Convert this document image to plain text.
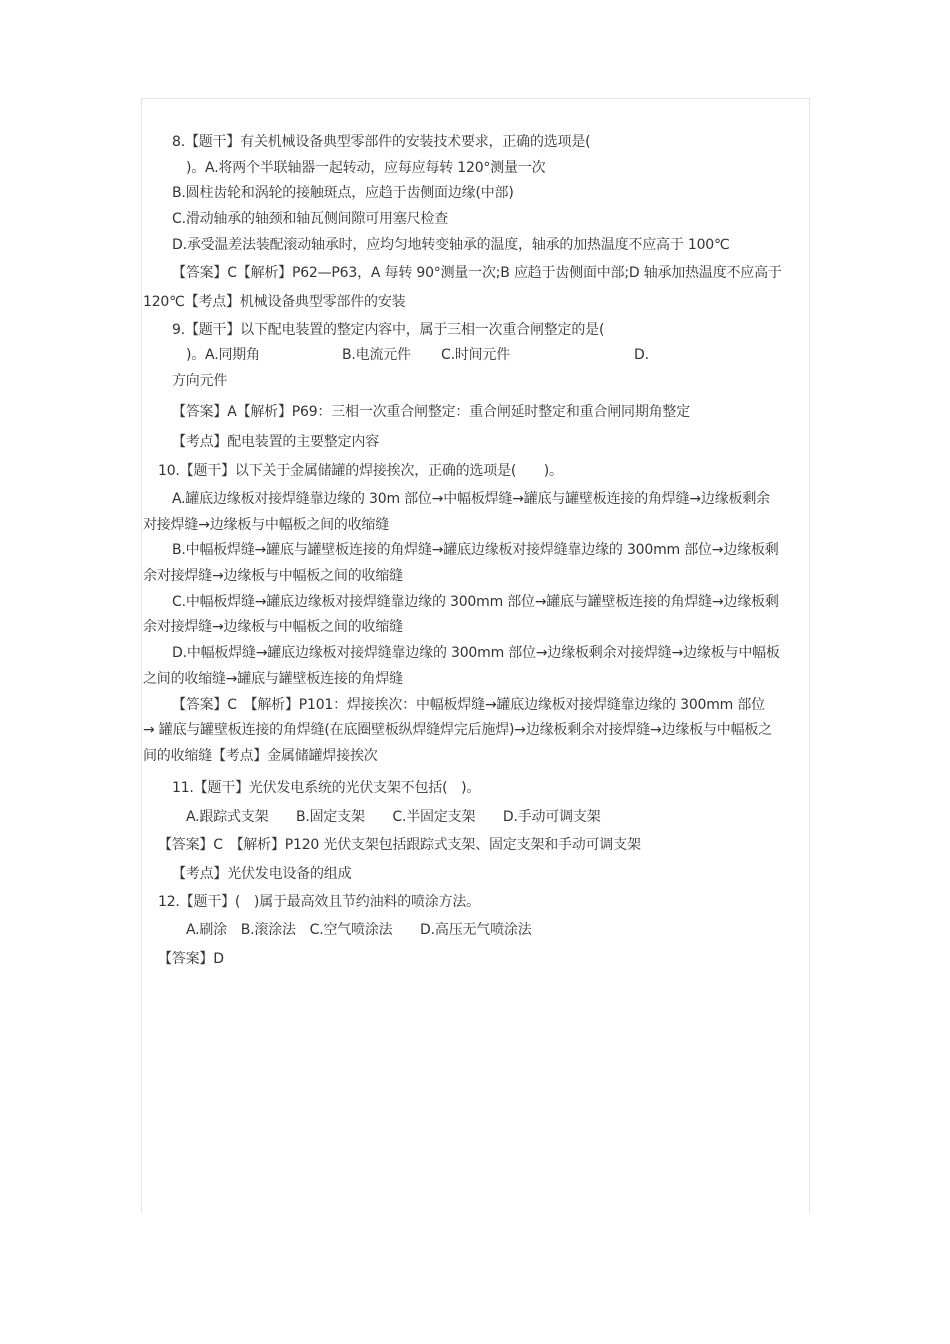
8.【题干】有关机械设备典型零部件的安装技术要求，正确的选项是(
)。A.将两个半联轴器一起转动，应每应每转 120°测量一次
B.圆柱齿轮和涡轮的接触斑点，应趋于齿侧面边缘(中部)
C.滑动轴承的轴颈和轴瓦侧间隙可用塞尺检查
D.承受温差法装配滚动轴承时，应均匀地转变轴承的温度，轴承的加热温度不应高于 100℃
【答案】C【解析】P62—P63，A 每转 90°测量一次;B 应趋于齿侧面中部;D 轴承加热温度不应高于
120℃【考点】机械设备典型零部件的安装
9.【题干】以下配电装置的整定内容中，属于三相一次重合闸整定的是(
)。A.同期角	B.电流元件 C.时间元件	D.
方向元件
【答案】A【解析】P69：三相一次重合闸整定：重合闸延时整定和重合闸同期角整定
【考点】配电装置的主要整定内容
10.【题干】以下关于金属储罐的焊接挨次，正确的选项是(　　)。
A.罐底边缘板对接焊缝靠边缘的 30m 部位→中幅板焊缝→罐底与罐壁板连接的角焊缝→边缘板剩余
对接焊缝→边缘板与中幅板之间的收缩缝
B.中幅板焊缝→罐底与罐壁板连接的角焊缝→罐底边缘板对接焊缝靠边缘的 300mm 部位→边缘板剩
余对接焊缝→边缘板与中幅板之间的收缩缝
C.中幅板焊缝→罐底边缘板对接焊缝靠边缘的 300mm 部位→罐底与罐壁板连接的角焊缝→边缘板剩
余对接焊缝→边缘板与中幅板之间的收缩缝
D.中幅板焊缝→罐底边缘板对接焊缝靠边缘的 300mm 部位→边缘板剩余对接焊缝→边缘板与中幅板
之间的收缩缝→罐底与罐壁板连接的角焊缝
【答案】C　【解析】P101：焊接挨次：中幅板焊缝→罐底边缘板对接焊缝靠边缘的 300mm 部位
→ 罐底与罐壁板连接的角焊缝(在底圈壁板纵焊缝焊完后施焊)→边缘板剩余对接焊缝→边缘板与中幅板之
间的收缩缝【考点】金属储罐焊接挨次
11.【题干】光伏发电系统的光伏支架不包括(　)。
A.跟踪式支架　　B.固定支架　　C.半固定支架　　D.手动可调支架
【答案】C　【解析】P120 光伏支架包括跟踪式支架、固定支架和手动可调支架
【考点】光伏发电设备的组成
12.【题干】(　)属于最高效且节约油料的喷涂方法。
A.刷涂　B.滚涂法　C.空气喷涂法　　D.高压无气喷涂法
【答案】D
